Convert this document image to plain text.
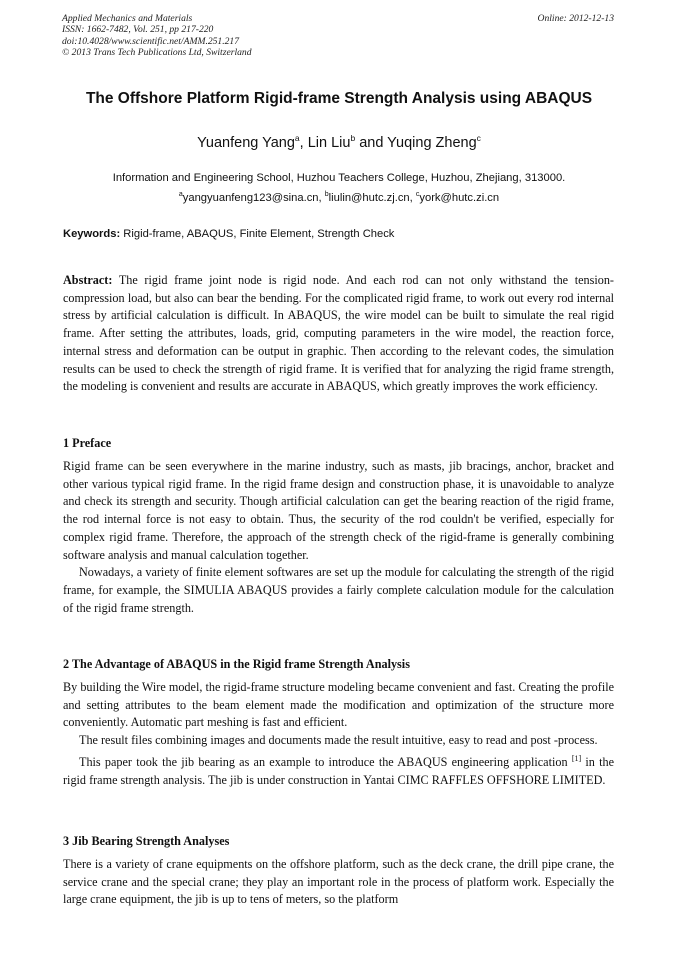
Applied Mechanics and Materials
ISSN: 1662-7482, Vol. 251, pp 217-220
doi:10.4028/www.scientific.net/AMM.251.217
© 2013 Trans Tech Publications Ltd, Switzerland
Online: 2012-12-13
The Offshore Platform Rigid-frame Strength Analysis using ABAQUS
Yuanfeng Yang$^a$, Lin Liu$^b$ and Yuqing Zheng$^c$
Information and Engineering School, Huzhou Teachers College, Huzhou, Zhejiang, 313000.
$^a$yangyuanfeng123@sina.cn, $^b$liulin@hutc.zj.cn, $^c$york@hutc.zi.cn
Keywords: Rigid-frame, ABAQUS, Finite Element, Strength Check
Abstract: The rigid frame joint node is rigid node. And each rod can not only withstand the tension- compression load, but also can bear the bending. For the complicated rigid frame, to work out every rod internal stress by artificial calculation is difficult. In ABAQUS, the wire model can be built to simulate the real rigid frame. After setting the attributes, loads, grid, computing parameters in the wire model, the reaction force, internal stress and deformation can be output in graphic. Then according to the relevant codes, the simulation results can be used to check the strength of rigid frame. It is verified that for analyzing the rigid frame strength, the modeling is convenient and results are accurate in ABAQUS, which greatly improves the work efficiency.
1 Preface

Rigid frame can be seen everywhere in the marine industry, such as masts, jib bracings, anchor, bracket and other various typical rigid frame. In the rigid frame design and construction phase, it is unavoidable to analyze and check its strength and security. Though artificial calculation can get the bearing reaction of the rigid frame, the rod internal force is not easy to obtain. Thus, the security of the rod couldn't be verified, especially for complex rigid frame. Therefore, the approach of the strength check of the rigid-frame is generally combining software analysis and manual calculation together.

Nowadays, a variety of finite element softwares are set up the module for calculating the strength of the rigid frame, for example, the SIMULIA ABAQUS provides a fairly complete calculation module for the calculation of the rigid frame strength.

2 The Advantage of ABAQUS in the Rigid frame Strength Analysis

By building the Wire model, the rigid-frame structure modeling became convenient and fast. Creating the profile and setting attributes to the beam element made the modification and optimization of the structure more conveniently. Automatic part meshing is fast and efficient.

The result files combining images and documents made the result intuitive, easy to read and post -process.

This paper took the jib bearing as an example to introduce the ABAQUS engineering application [1] in the rigid frame strength analysis. The jib is under construction in Yantai CIMC RAFFLES OFFSHORE LIMITED.

3 Jib Bearing Strength Analyses

There is a variety of crane equipments on the offshore platform, such as the deck crane, the drill pipe crane, the service crane and the special crane; they play an important role in the process of platform work. Especially the large crane equipment, the jib is up to tens of meters, so the platform
